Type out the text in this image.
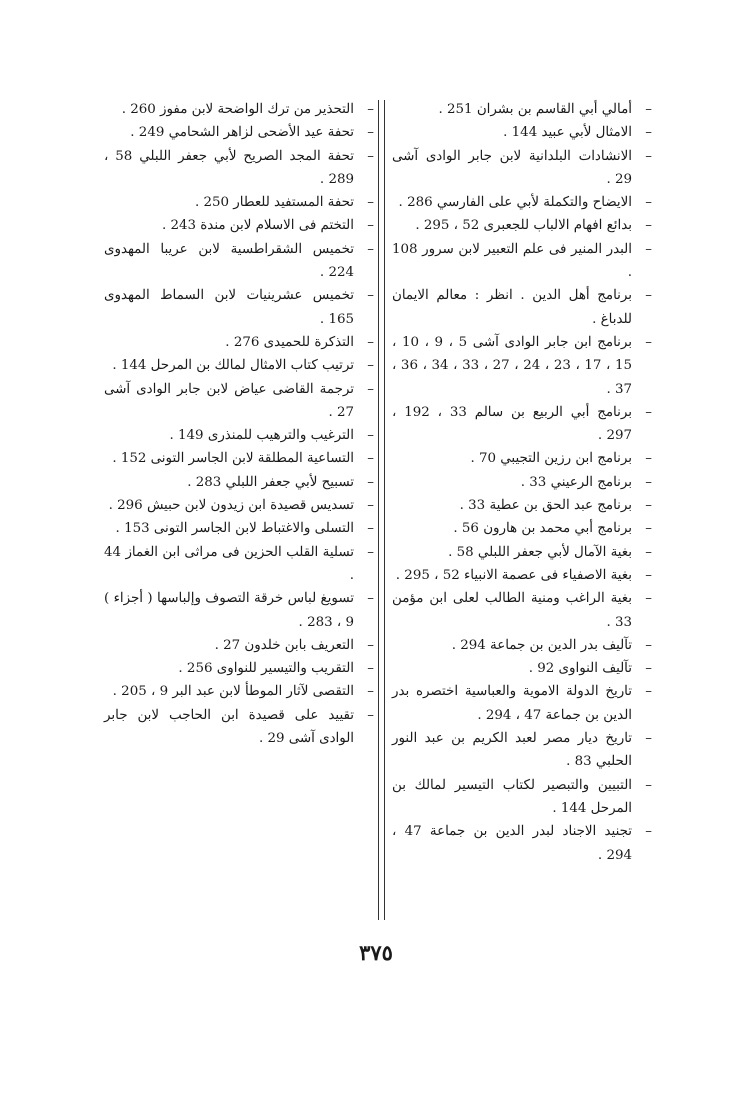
– أمالي أبي القاسم بن بشران 251 .
– الامثال لأبي عبيد 144 .
– الانشادات البلدانية لابن جابر الوادى آشى 29 .
– الايضاح والتكملة لأبي على الفارسي 286 .
– بدائع افهام الالباب للجعبرى 52 ، 295 .
– البدر المنير فى علم التعبير لابن سرور 108 .
– برنامج أهل الدين . انظر : معالم الايمان للدباغ .
– برنامج ابن جابر الوادى آشى 5 ، 9 ، 10 ، 15 ، 17 ، 23 ، 24 ، 27 ، 33 ، 34 ، 36 ، 37 .
– برنامج أبي الربيع بن سالم 33 ، 192 ، 297 .
– برنامج ابن رزين التجيبي 70 .
– برنامج الرعيني 33 .
– برنامج عبد الحق بن عطية 33 .
– برنامج أبي محمد بن هارون 56 .
– بغية الآمال لأبي جعفر اللبلي 58 .
– بغية الاصفياء فى عصمة الانبياء 52 ، 295 .
– بغية الراغب ومنية الطالب لعلى ابن مؤمن 33 .
– تآليف بدر الدين بن جماعة 294 .
– تآليف النواوى 92 .
– تاريخ الدولة الاموية والعباسية اختصره بدر الدين بن جماعة 47 ، 294 .
– تاريخ ديار مصر لعبد الكريم بن عبد النور الحلبي 83 .
– التبيين والتبصير لكتاب التيسير لمالك بن المرحل 144 .
– تجنيد الاجناد لبدر الدين بن جماعة 47 ، 294 .
– التحذير من ترك الواضحة لابن مفوز 260 .
– تحفة عيد الأضحى لزاهر الشحامي 249 .
– تحفة المجد الصريح لأبي جعفر اللبلي 58 ، 289 .
– تحفة المستفيد للعطار 250 .
– التختم فى الاسلام لابن مندة 243 .
– تخميس الشقراطسية لابن عريبا المهدوى 224 .
– تخميس عشرينيات لابن السماط المهدوى 165 .
– التذكرة للحميدى 276 .
– ترتيب كتاب الامثال لمالك بن المرحل 144 .
– ترجمة القاضى عياض لابن جابر الوادى آشى 27 .
– الترغيب والترهيب للمنذرى 149 .
– التساعية المطلقة لابن الجاسر التونى 152 .
– تسبيح لأبي جعفر اللبلي 283 .
– تسديس قصيدة ابن زيدون لابن حبيش 296 .
– التسلى والاغتباط لابن الجاسر التونى 153 .
– تسلية القلب الحزين فى مراثى ابن الغماز 44 .
– تسويغ لباس خرقة التصوف وإلباسها ( أجزاء ) 9 ، 283 .
– التعريف بابن خلدون 27 .
– التقريب والتيسير للنواوى 256 .
– التقصى لآثار الموطأ لابن عبد البر 9 ، 205 .
– تقييد على قصيدة ابن الحاجب لابن جابر الوادى آشى 29 .
٣٧٥
